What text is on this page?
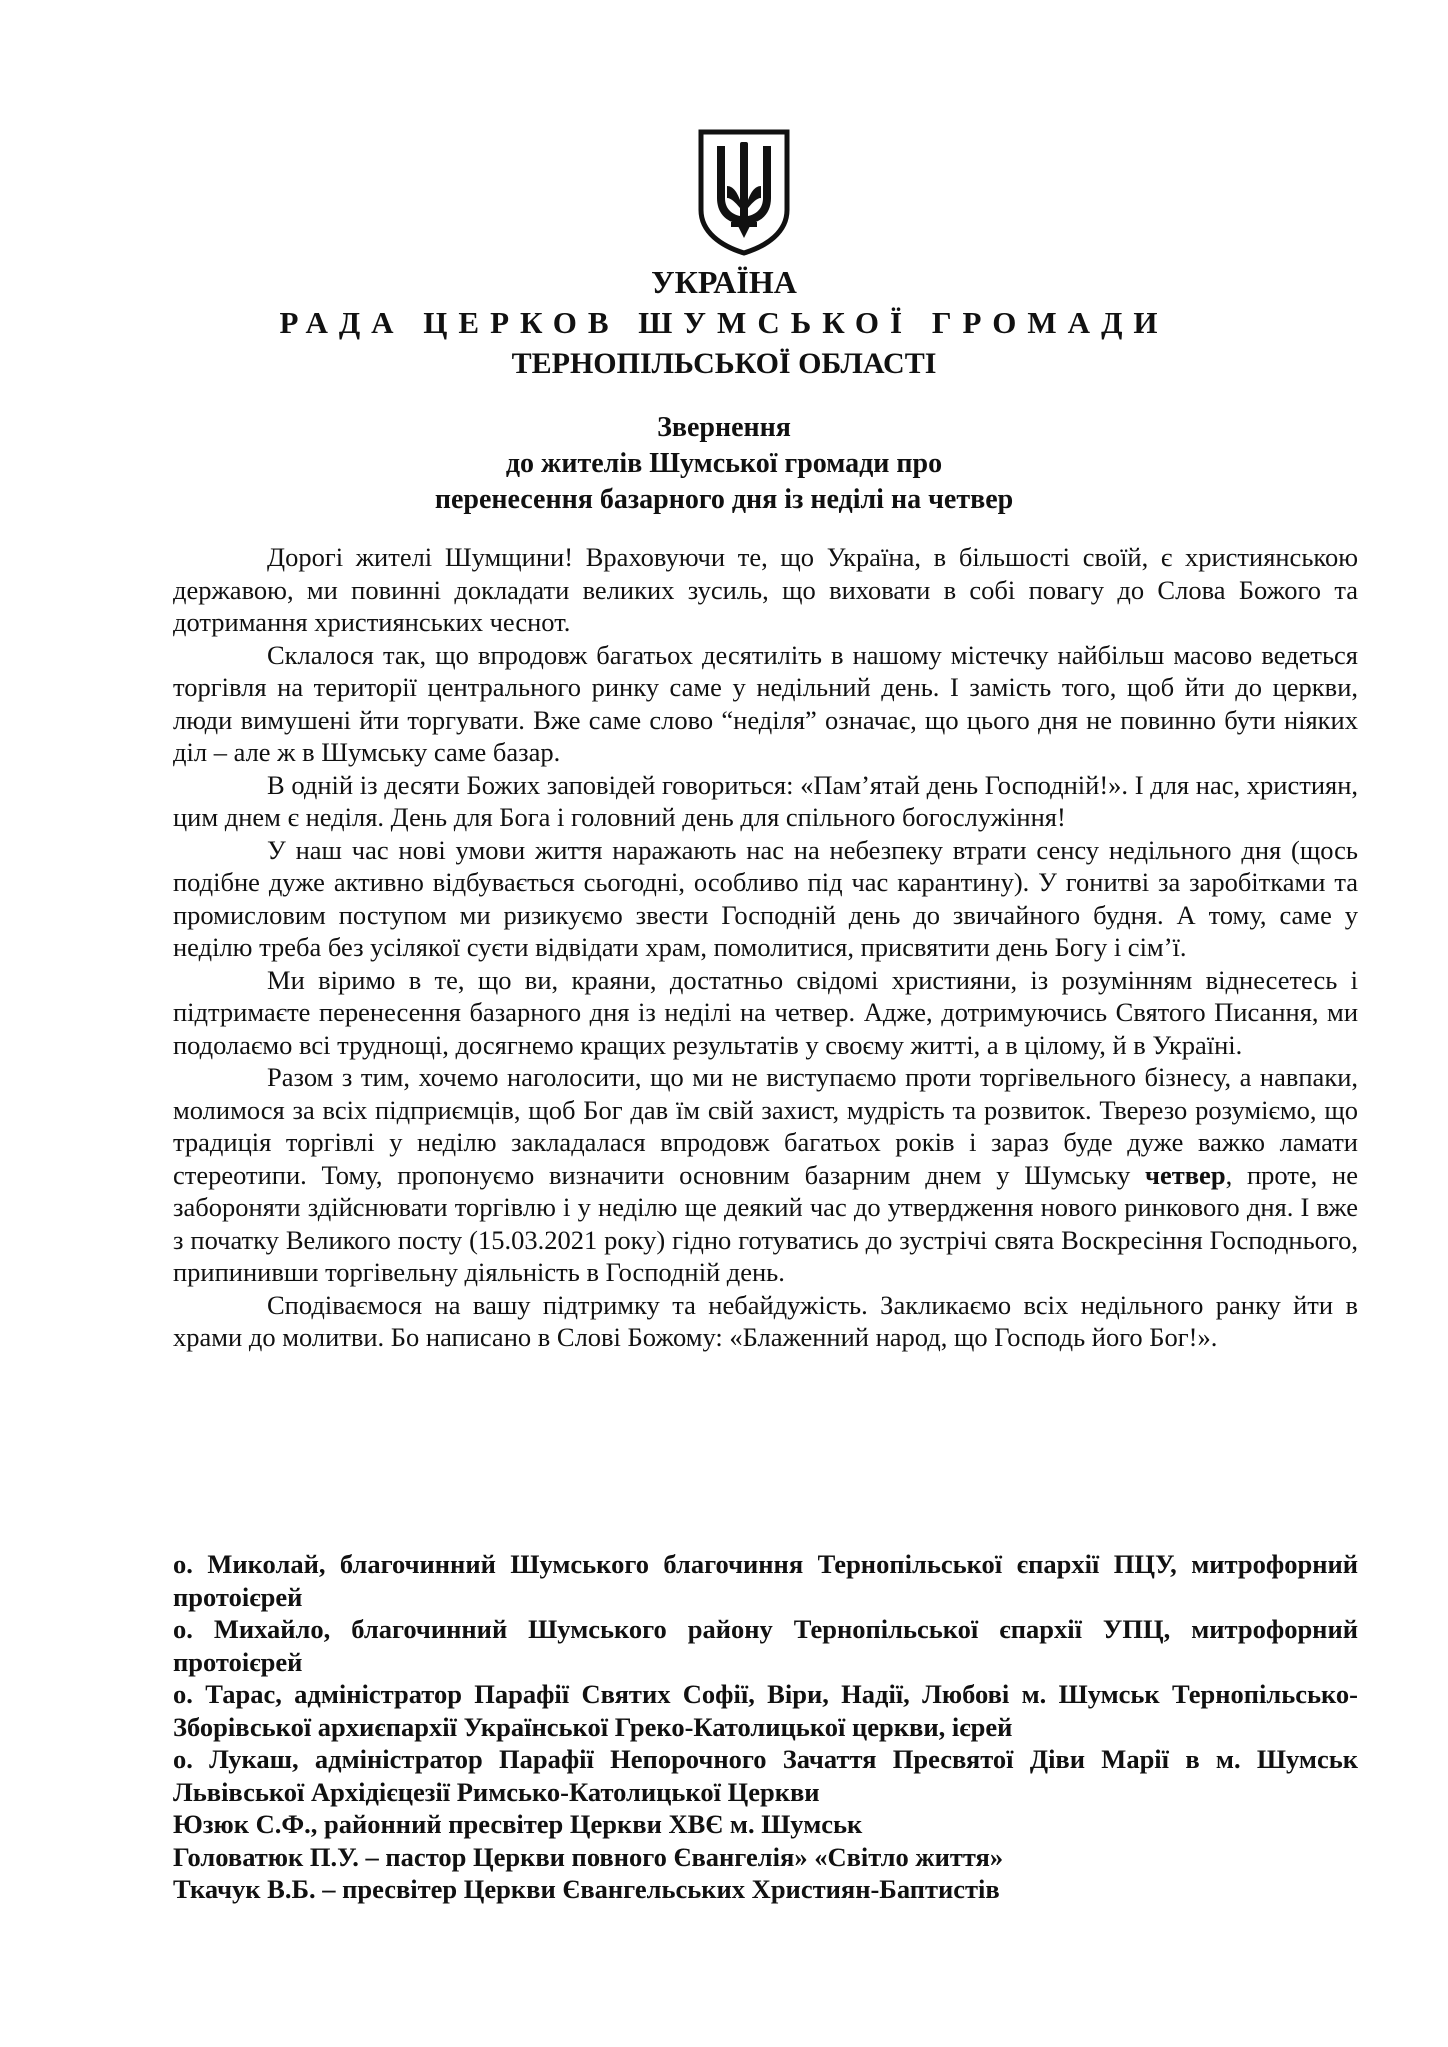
УКРАЇНА
РАДА ЦЕРКОВ ШУМСЬКОЇ ГРОМАДИ
ТЕРНОПІЛЬСЬКОЇ ОБЛАСТІ
Звернення
до жителів Шумської громади про
перенесення базарного дня із неділі на четвер

Дорогі жителі Шумщини! Враховуючи те, що Україна, в більшості своїй, є християнською державою, ми повинні докладати великих зусиль, що виховати в собі повагу до Слова Божого та дотримання християнських чеснот.

Склалося так, що впродовж багатьох десятиліть в нашому містечку найбільш масово ведеться торгівля на території центрального ринку саме у недільний день. І замість того, щоб йти до церкви, люди вимушені йти торгувати. Вже саме слово “неділя” означає, що цього дня не повинно бути ніяких діл – але ж в Шумську саме базар.

В одній із десяти Божих заповідей говориться: «Пам’ятай день Господній!». І для нас, християн, цим днем є неділя. День для Бога і головний день для спільного богослужіння!

У наш час нові умови життя наражають нас на небезпеку втрати сенсу недільного дня (щось подібне дуже активно відбувається сьогодні, особливо під час карантину). У гонитві за заробітками та промисловим поступом ми ризикуємо звести Господній день до звичайного будня. А тому, саме у неділю треба без усілякої суєти відвідати храм, помолитися, присвятити день Богу і сім’ї.

Ми віримо в те, що ви, краяни, достатньо свідомі християни, із розумінням віднесетесь і підтримаєте перенесення базарного дня із неділі на четвер. Адже, дотримуючись Святого Писання, ми подолаємо всі труднощі, досягнемо кращих результатів у своєму житті, а в цілому, й в Україні.

Разом з тим, хочемо наголосити, що ми не виступаємо проти торгівельного бізнесу, а навпаки, молимося за всіх підприємців, щоб Бог дав їм свій захист, мудрість та розвиток. Тверезо розуміємо, що традиція торгівлі у неділю закладалася впродовж багатьох років і зараз буде дуже важко ламати стереотипи. Тому, пропонуємо визначити основним базарним днем у Шумську четвер, проте, не забороняти здійснювати торгівлю і у неділю ще деякий час до утвердження нового ринкового дня. І вже з початку Великого посту (15.03.2021 року) гідно готуватись до зустрічі свята Воскресіння Господнього, припинивши торгівельну діяльність в Господній день.

Сподіваємося на вашу підтримку та небайдужість. Закликаємо всіх недільного ранку йти в храми до молитви. Бо написано в Слові Божому: «Блаженний народ, що Господь його Бог!».

о. Миколай, благочинний Шумського благочиння Тернопільської єпархії ПЦУ, митрофорний протоієрей

о. Михайло, благочинний Шумського району Тернопільської єпархії УПЦ, митрофорний протоієрей

о. Тарас, адміністратор Парафії Святих Софії, Віри, Надії, Любові м. Шумськ Тернопільсько-Зборівської архиєпархії Української Греко-Католицької церкви, ієрей

о. Лукаш, адміністратор Парафії Непорочного Зачаття Пресвятої Діви Марії в м. Шумськ Львівської Архідієцезії Римсько-Католицької Церкви

Юзюк С.Ф., районний пресвітер Церкви ХВЄ м. Шумськ

Головатюк П.У. – пастор Церкви повного Євангелія» «Світло життя»

Ткачук В.Б. – пресвітер Церкви Євангельських Християн-Баптистів
